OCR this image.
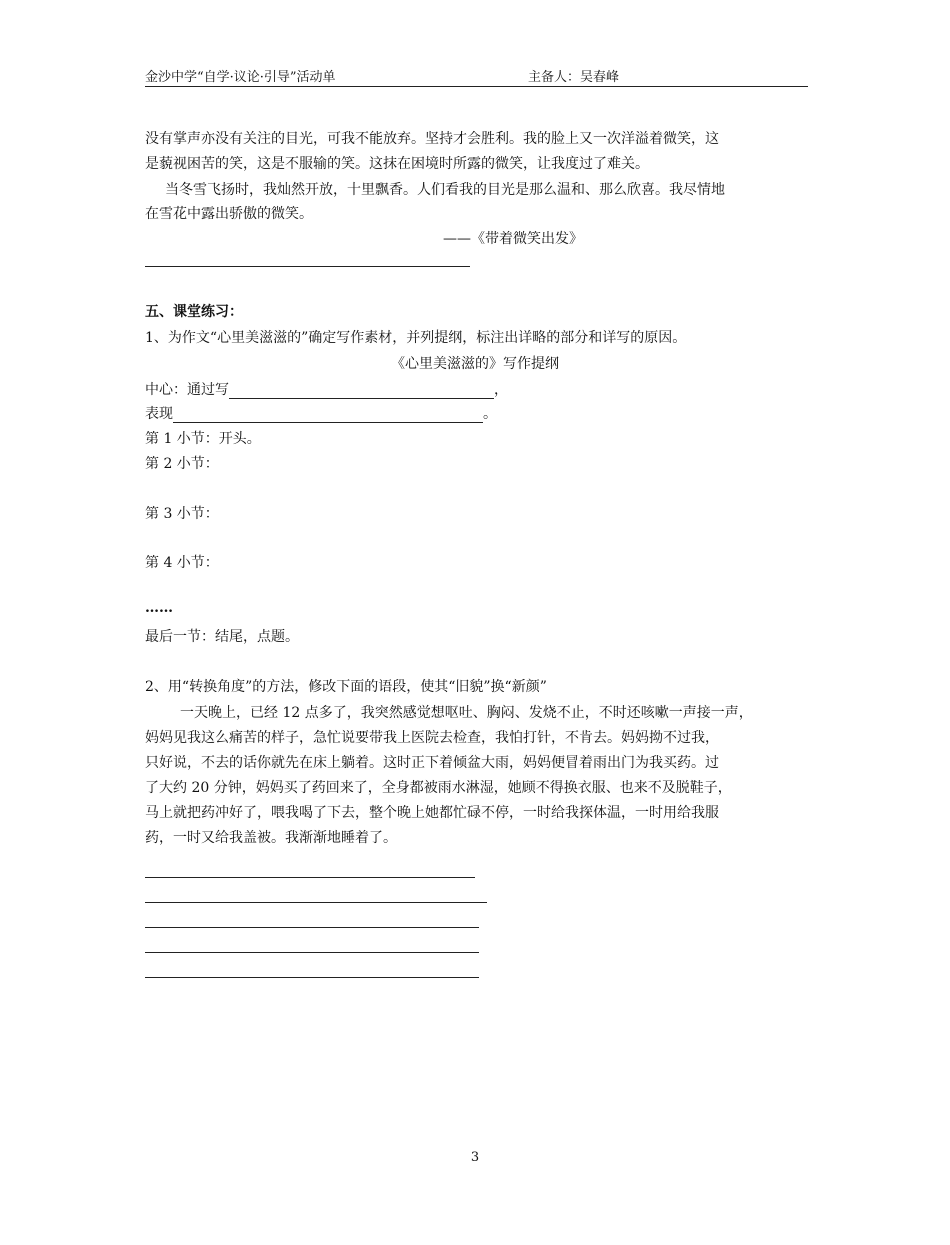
金沙中学“自学·议论·引导”活动单	主备人：吴春峰
没有掌声亦没有关注的目光，可我不能放弃。坚持才会胜利。我的脸上又一次洋溢着微笑，这
是藐视困苦的笑，这是不服输的笑。这抹在困境时所露的微笑，让我度过了难关。
当冬雪飞扬时，我灿然开放，十里飘香。人们看我的目光是那么温和、那么欣喜。我尽情地
在雪花中露出骄傲的微笑。
——《带着微笑出发》
五、课堂练习：
1、为作文“心里美滋滋的”确定写作素材，并列提纲，标注出详略的部分和详写的原因。
《心里美滋滋的》写作提纲
中心：通过写	，
表现	。
第 1 小节：开头。
第 2 小节：
第 3 小节：
第 4 小节：
……
最后一节：结尾，点题。
2、用“转换角度”的方法，修改下面的语段，使其“旧貌”换“新颜”
一天晚上，已经 12 点多了，我突然感觉想呕吐、胸闷、发烧不止，不时还咳嗽一声接一声，
妈妈见我这么痛苦的样子，急忙说要带我上医院去检查，我怕打针，不肯去。妈妈拗不过我，
只好说，不去的话你就先在床上躺着。这时正下着倾盆大雨，妈妈便冒着雨出门为我买药。过
了大约 20 分钟，妈妈买了药回来了，全身都被雨水淋湿，她顾不得换衣服、也来不及脱鞋子，
马上就把药冲好了，喂我喝了下去，整个晚上她都忙碌不停，一时给我探体温，一时用给我服
药，一时又给我盖被。我渐渐地睡着了。
3
